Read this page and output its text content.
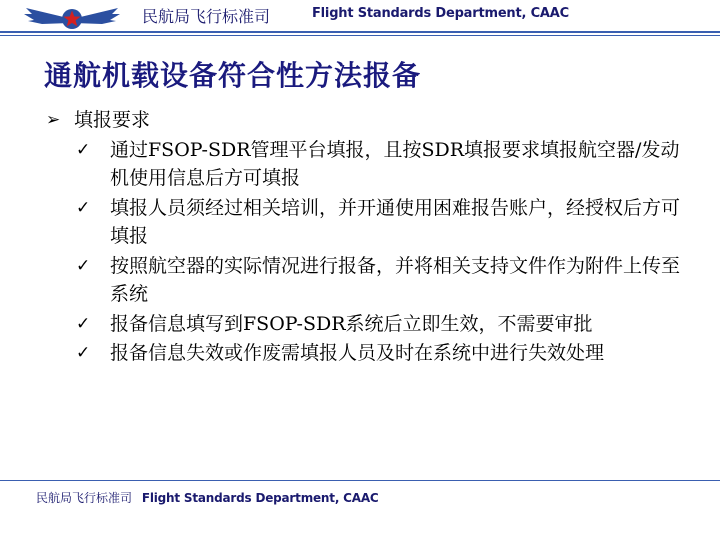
民航局飞行标准司	Flight Standards Department, CAAC
通航机载设备符合性方法报备
➢ 填报要求
✓ 通过FSOP-SDR管理平台填报，且按SDR填报要求填报航空器/发动机使用信息后方可填报
✓ 填报人员须经过相关培训，并开通使用困难报告账户，经授权后方可填报
✓ 按照航空器的实际情况进行报备，并将相关支持文件作为附件上传至系统
✓ 报备信息填写到FSOP-SDR系统后立即生效，不需要审批
✓ 报备信息失效或作废需填报人员及时在系统中进行失效处理
民航局飞行标准司 Flight Standards Department, CAAC
